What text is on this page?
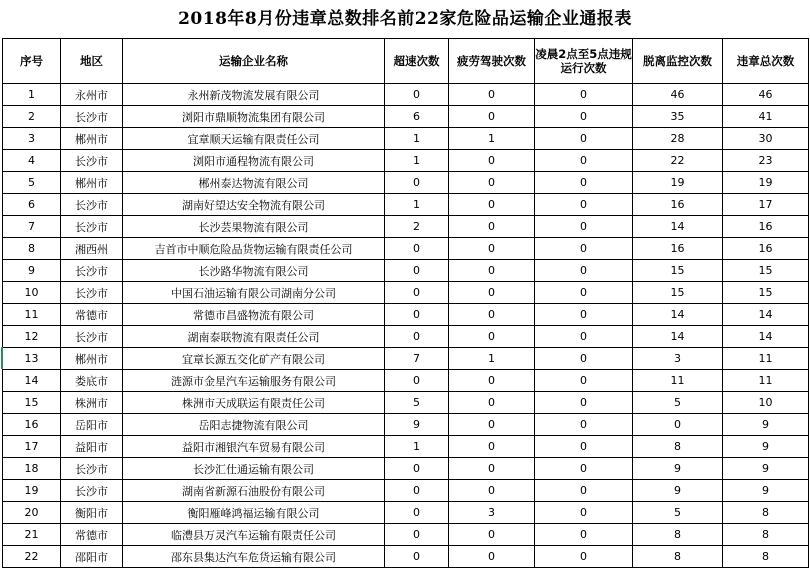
2018年8月份违章总数排名前22家危险品运输企业通报表
序号	地区	运输企业名称	超速次数	疲劳驾驶次数	凌晨2点至5点违规运行次数	脱离监控次数	违章总次数
1	永州市	永州新茂物流发展有限公司	0	0	0	46	46
2	长沙市	浏阳市鼎顺物流集团有限公司	6	0	0	35	41
3	郴州市	宜章顺天运输有限责任公司	1	1	0	28	30
4	长沙市	浏阳市通程物流有限公司	1	0	0	22	23
5	郴州市	郴州泰达物流有限公司	0	0	0	19	19
6	长沙市	湖南好望达安全物流有限公司	1	0	0	16	17
7	长沙市	长沙芸果物流有限公司	2	0	0	14	16
8	湘西州	吉首市中顺危险品货物运输有限责任公司	0	0	0	16	16
9	长沙市	长沙路华物流有限公司	0	0	0	15	15
10	长沙市	中国石油运输有限公司湖南分公司	0	0	0	15	15
11	常德市	常德市昌盛物流有限公司	0	0	0	14	14
12	长沙市	湖南泰联物流有限责任公司	0	0	0	14	14
13	郴州市	宜章长源五交化矿产有限公司	7	1	0	3	11
14	娄底市	涟源市金星汽车运输服务有限公司	0	0	0	11	11
15	株洲市	株洲市天成联运有限责任公司	5	0	0	5	10
16	岳阳市	岳阳志捷物流有限公司	9	0	0	0	9
17	益阳市	益阳市湘银汽车贸易有限公司	1	0	0	8	9
18	长沙市	长沙汇仕通运输有限公司	0	0	0	9	9
19	长沙市	湖南省新源石油股份有限公司	0	0	0	9	9
20	衡阳市	衡阳雁峰鸿福运输有限公司	0	3	0	5	8
21	常德市	临澧县万灵汽车运输有限责任公司	0	0	0	8	8
22	邵阳市	邵东县集达汽车危货运输有限公司	0	0	0	8	8
